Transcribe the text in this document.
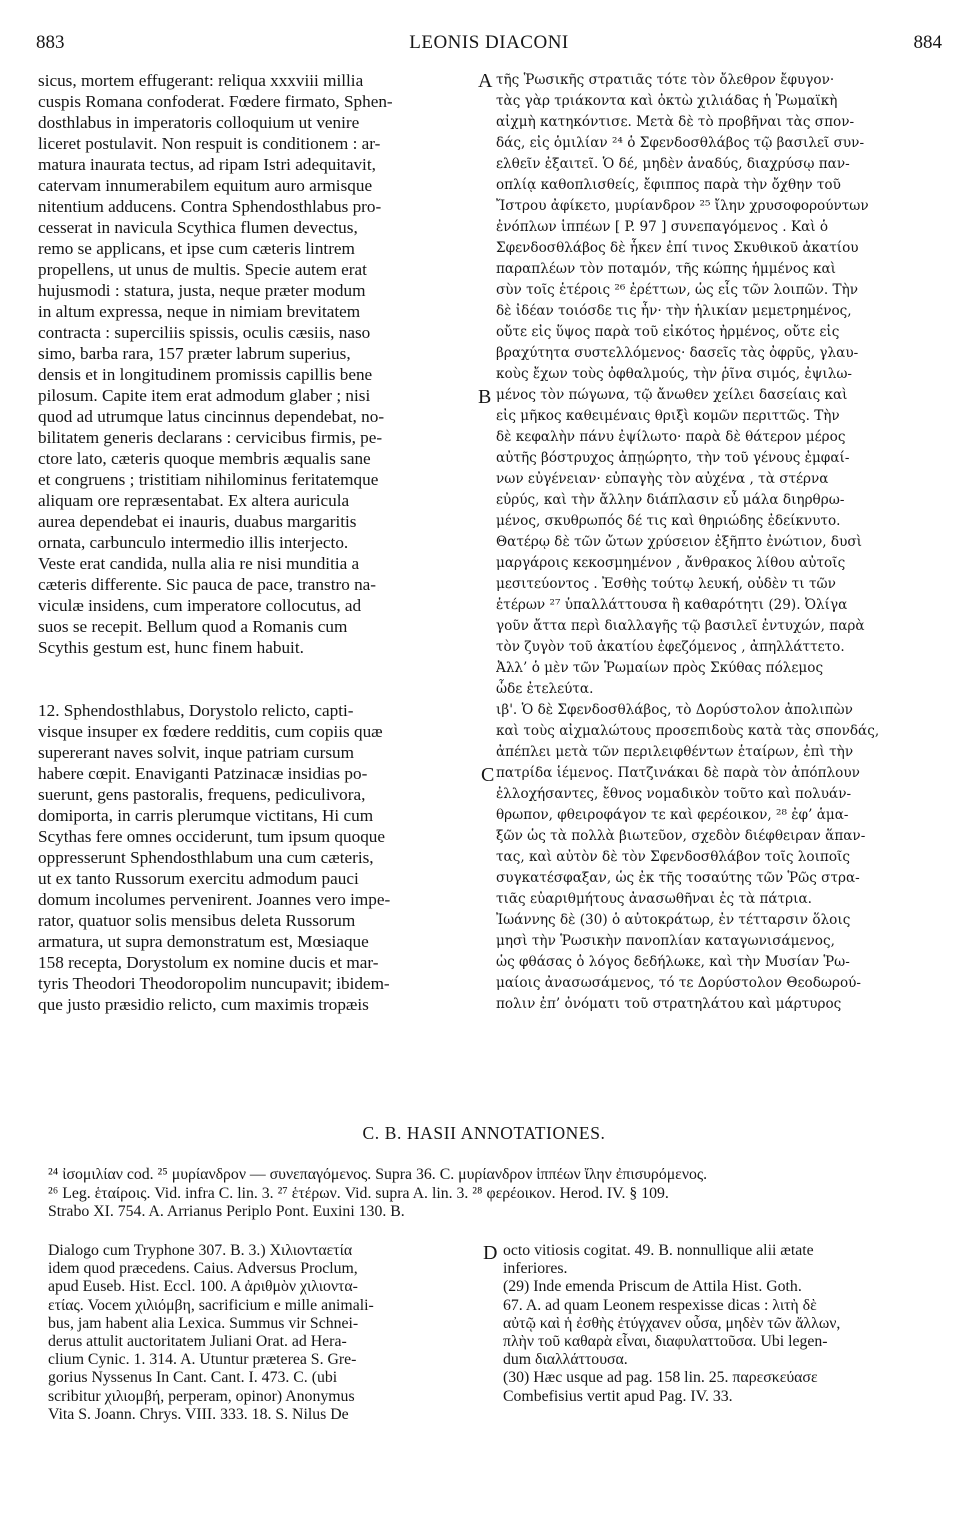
883	LEONIS DIACONI	884
A
B
C
D
sicus, mortem effugerant: reliqua xxxviii millia
cuspis Romana confoderat. Fœdere firmato, Sphen-
dosthlabus in imperatoris colloquium ut venire
liceret postulavit. Non respuit is conditionem : ar-
matura inaurata tectus, ad ripam Istri adequitavit,
catervam innumerabilem equitum auro armisque
nitentium adducens. Contra Sphendosthlabus pro-
cesserat in navicula Scythica flumen devectus,
remo se applicans, et ipse cum cæteris lintrem
propellens, ut unus de multis. Specie autem erat
hujusmodi : statura, justa, neque præter modum
in altum expressa, neque in nimiam brevitatem
contracta : superciliis spissis, oculis cæsiis, naso
simo, barba rara, 157 præter labrum superius,
densis et in longitudinem promissis capillis bene
pilosum. Capite item erat admodum glaber ; nisi
quod ad utrumque latus cincinnus dependebat, no-
bilitatem generis declarans : cervicibus firmis, pe-
ctore lato, cæteris quoque membris æqualis sane
et congruens ; tristitiam nihilominus feritatemque
aliquam ore repræsentabat. Ex altera auricula
aurea dependebat ei inauris, duabus margaritis
ornata, carbunculo intermedio illis interjecto.
Veste erat candida, nulla alia re nisi munditia a
cæteris differente. Sic pauca de pace, transtro na-
viculæ insidens, cum imperatore collocutus, ad
suos se recepit. Bellum quod a Romanis cum
Scythis gestum est, hunc finem habuit.
12. Sphendosthlabus, Dorystolo relicto, capti-
visque insuper ex fœdere redditis, cum copiis quæ
supererant naves solvit, inque patriam cursum
habere cœpit. Enaviganti Patzinacæ insidias po-
suerunt, gens pastoralis, frequens, pediculivora,
domiporta, in carris plerumque victitans, Hi cum
Scythas fere omnes occiderunt, tum ipsum quoque
oppresserunt Sphendosthlabum una cum cæteris,
ut ex tanto Russorum exercitu admodum pauci
domum incolumes pervenirent. Joannes vero impe-
rator, quatuor solis mensibus deleta Russorum
armatura, ut supra demonstratum est, Mœsiaque
158 recepta, Dorystolum ex nomine ducis et mar-
tyris Theodori Theodoropolim nuncupavit; ibidem-
que justo præsidio relicto, cum maximis tropæis
τῆς Ῥωσικῆς στρατιᾶς τότε τὸν ὄλεθρον ἔφυγον·
τὰς γὰρ τριάκοντα καὶ ὀκτὼ χιλιάδας ἡ Ῥωμαϊκὴ
αἰχμὴ κατηκόντισε. Μετὰ δὲ τὸ προβῆναι τὰς σπον-
δάς, εἰς ὁμιλίαν ²⁴ ὁ Σφενδοσθλάβος τῷ βασιλεῖ συν-
ελθεῖν ἐξαιτεῖ. Ὁ δέ, μηδὲν ἀναδύς, διαχρύσῳ παν-
οπλίᾳ καθοπλισθείς, ἔφιππος παρὰ τὴν ὄχθην τοῦ
Ἴστρου ἀφίκετο, μυρίανδρον ²⁵ ἴλην χρυσοφορούντων
ἐνόπλων ἱππέων [ P. 97 ] συνεπαγόμενος . Καὶ ὁ
Σφενδοσθλάβος δὲ ἧκεν ἐπί τινος Σκυθικοῦ ἀκατίου
παραπλέων τὸν ποταμόν, τῆς κώπης ἡμμένος καὶ
σὺν τοῖς ἑτέροις ²⁶ ἐρέττων, ὡς εἷς τῶν λοιπῶν. Τὴν
δὲ ἰδέαν τοιόσδε τις ἦν· τὴν ἡλικίαν μεμετρημένος,
οὔτε εἰς ὕψος παρὰ τοῦ εἰκότος ἠρμένος, οὔτε εἰς
βραχύτητα συστελλόμενος· δασεῖς τὰς ὀφρῦς, γλαυ-
κοὺς ἔχων τοὺς ὀφθαλμούς, τὴν ῥῖνα σιμός, ἐψιλω-
μένος τὸν πώγωνα, τῷ ἄνωθεν χείλει δασείαις καὶ
εἰς μῆκος καθειμέναις θριξὶ κομῶν περιττῶς. Τὴν
δὲ κεφαλὴν πάνυ ἐψίλωτο· παρὰ δὲ θάτερον μέρος
αὐτῆς βόστρυχος ἀπῃώρητο, τὴν τοῦ γένους ἐμφαί-
νων εὐγένειαν· εὐπαγὴς τὸν αὐχένα , τὰ στέρνα
εὐρύς, καὶ τὴν ἄλλην διάπλασιν εὖ μάλα διηρθρω-
μένος, σκυθρωπός δέ τις καὶ θηριώδης ἐδείκνυτο.
Θατέρῳ δὲ τῶν ὤτων χρύσειον ἐξῆπτο ἐνώτιον, δυσὶ
μαργάροις κεκοσμημένον , ἄνθρακος λίθου αὐτοῖς
μεσιτεύοντος . Ἐσθὴς τούτῳ λευκή, οὐδὲν τι τῶν
ἑτέρων ²⁷ ὑπαλλάττουσα ἢ καθαρότητι (29). Ὀλίγα
γοῦν ἄττα περὶ διαλλαγῆς τῷ βασιλεῖ ἐντυχών, παρὰ
τὸν ζυγὸν τοῦ ἀκατίου ἐφεζόμενος , ἀπηλλάττετο.
Ἀλλ’ ὁ μὲν τῶν Ῥωμαίων πρὸς Σκύθας πόλεμος
ὧδε ἐτελεύτα.
ιβ'. Ὁ δὲ Σφενδοσθλάβος, τὸ Δορύστολον ἀπολιπὼν
καὶ τοὺς αἰχμαλώτους προσεπιδοὺς κατὰ τὰς σπονδάς,
ἀπέπλει μετὰ τῶν περιλειφθέντων ἑταίρων, ἐπὶ τὴν
πατρίδα ἱέμενος. Πατζινάκαι δὲ παρὰ τὸν ἀπόπλουν
ἐλλοχήσαντες, ἔθνος νομαδικὸν τοῦτο καὶ πολυάν-
θρωπον, φθειροφάγον τε καὶ φερέοικον, ²⁸ ἐφ’ ἁμα-
ξῶν ὡς τὰ πολλὰ βιωτεῦον, σχεδὸν διέφθειραν ἅπαν-
τας, καὶ αὐτὸν δὲ τὸν Σφενδοσθλάβον τοῖς λοιποῖς
συγκατέσφαξαν, ὡς ἐκ τῆς τοσαύτης τῶν Ῥῶς στρα-
τιᾶς εὐαριθμήτους ἀνασωθῆναι ἐς τὰ πάτρια.
Ἰωάννης δὲ (30) ὁ αὐτοκράτωρ, ἐν τέτταρσιν ὅλοις
μησὶ τὴν Ῥωσικὴν πανοπλίαν καταγωνισάμενος,
ὡς φθάσας ὁ λόγος δεδήλωκε, καὶ τὴν Μυσίαν Ῥω-
μαίοις ἀνασωσάμενος, τό τε Δορύστολον Θεοδωρού-
πολιν ἐπ’ ὀνόματι τοῦ στρατηλάτου καὶ μάρτυρος
C. B. HASII ANNOTATIONES.
²⁴ ἰσομιλίαν cod. ²⁵ μυρίανδρον — συνεπαγόμενος. Supra 36. C. μυρίανδρον ἱππέων ἴλην ἐπισυρόμενος.
²⁶ Leg. ἑταίροις. Vid. infra C. lin. 3. ²⁷ ἑτέρων. Vid. supra A. lin. 3. ²⁸ φερέοικον. Herod. IV. § 109.
Strabo XI. 754. A. Arrianus Periplo Pont. Euxini 130. B.
Dialogo cum Tryphone 307. B. 3.) Χιλιονταετία
idem quod præcedens. Caius. Adversus Proclum,
apud Euseb. Hist. Eccl. 100. A ἀριθμὸν χιλιοντα-
ετίας. Vocem χιλιόμβη, sacrificium e mille animali-
bus, jam habent alia Lexica. Summus vir Schnei-
derus attulit auctoritatem Juliani Orat. ad Hera-
clium Cynic. 1. 314. A. Utuntur præterea S. Gre-
gorius Nyssenus In Cant. Cant. I. 473. C. (ubi
scribitur χιλιομβή, perperam, opinor) Anonymus
Vita S. Joann. Chrys. VIII. 333. 18. S. Nilus De
octo vitiosis cogitat. 49. B. nonnullique alii ætate
inferiores.
(29) Inde emenda Priscum de Attila Hist. Goth.
67. A. ad quam Leonem respexisse dicas : λιτὴ δὲ
αὐτῷ καὶ ἡ ἐσθὴς ἐτύγχανεν οὖσα, μηδὲν τῶν ἄλλων,
πλὴν τοῦ καθαρὰ εἶναι, διαφυλαττοῦσα. Ubi legen-
dum διαλλάττουσα.
(30) Hæc usque ad pag. 158 lin. 25. παρεσκεύασε
Combefisius vertit apud Pag. IV. 33.
